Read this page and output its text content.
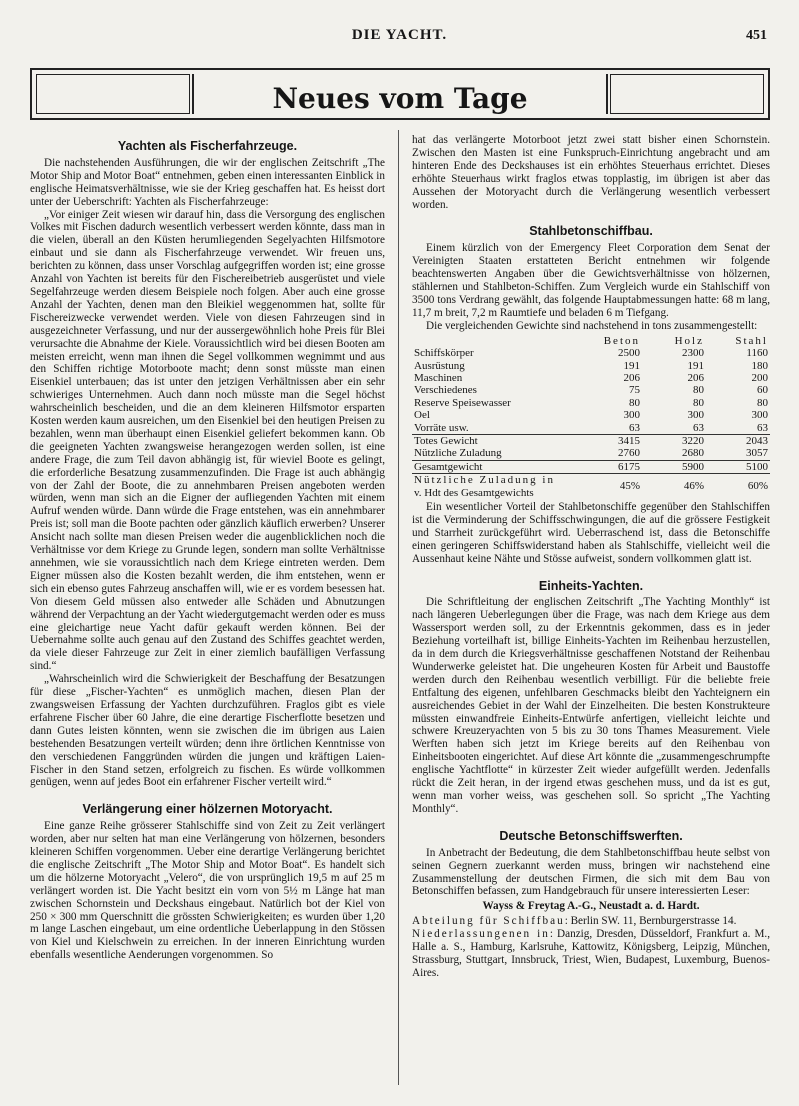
DIE YACHT.	451
Neues vom Tage
Yachten als Fischerfahrzeuge.

Die nachstehenden Ausführungen, die wir der englischen Zeitschrift „The Motor Ship and Motor Boat“ entnehmen, geben einen interessanten Einblick in englische Heimatsverhältnisse, wie sie der Krieg geschaffen hat. Es heisst dort unter der Ueberschrift: Yachten als Fischerfahrzeuge:

„Vor einiger Zeit wiesen wir darauf hin, dass die Versorgung des englischen Volkes mit Fischen dadurch wesentlich verbessert werden könnte, dass man in die vielen, überall an den Küsten herumliegenden Segelyachten Hilfsmotore einbaut und sie dann als Fischerfahrzeuge verwendet. Wir freuen uns, berichten zu können, dass unser Vorschlag aufgegriffen worden ist; eine grosse Anzahl von Yachten ist bereits für den Fischereibetrieb ausgerüstet und viele Segelfahrzeuge werden diesem Beispiele noch folgen. Aber auch eine grosse Anzahl der Yachten, denen man den Bleikiel weggenommen hat, sollte für Fischereizwecke verwendet werden. Viele von diesen Fahrzeugen sind in ausgezeichneter Verfassung, und nur der aussergewöhnlich hohe Preis für Blei verursachte die Abnahme der Kiele. Voraussichtlich wird bei diesen Booten am meisten erreicht, wenn man ihnen die Segel vollkommen wegnimmt und aus den Schiffen richtige Motorboote macht; denn sonst müsste man einen Eisenkiel unterbauen; das ist unter den jetzigen Verhältnissen aber ein sehr schwieriges Unternehmen. Auch dann noch müsste man die Segel höchst wahrscheinlich bescheiden, und die an dem kleineren Hilfsmotor ersparten Kosten werden kaum ausreichen, um den Eisenkiel bei den heutigen Preisen zu bezahlen, wenn man überhaupt einen Eisenkiel geliefert bekommen kann. Ob die geeigneten Yachten zwangsweise herangezogen werden sollen, ist eine andere Frage, die zum Teil davon abhängig ist, für wieviel Boote es gelingt, die erforderliche Besatzung zusammenzufinden. Die Frage ist auch abhängig von der Zahl der Boote, die zu annehmbaren Preisen angeboten werden würden, wenn man sich an die Eigner der aufliegenden Yachten mit einem Aufruf wenden würde. Dann würde die Frage entstehen, was ein annehmbarer Preis ist; soll man die Boote pachten oder gänzlich käuflich erwerben? Unserer Ansicht nach sollte man diesen Preisen weder die augenblicklichen noch die Verhältnisse vor dem Kriege zu Grunde legen, sondern man sollte Verhältnisse annehmen, wie sie voraussichtlich nach dem Kriege eintreten werden. Dem Eigner müssen also die Kosten bezahlt werden, die ihm entstehen, wenn er sich ein ebenso gutes Fahrzeug anschaffen will, wie er es vordem besessen hat. Von diesem Geld müssen also entweder alle Schäden und Abnutzungen während der Verpachtung an der Yacht wiedergutgemacht werden oder es muss eine gleichartige neue Yacht dafür gekauft werden können. Bei der Uebernahme sollte auch genau auf den Zustand des Schiffes geachtet werden, da viele dieser Fahrzeuge zur Zeit in einer ziemlich baufälligen Verfassung sind.“

„Wahrscheinlich wird die Schwierigkeit der Beschaffung der Besatzungen für diese „Fischer-Yachten“ es unmöglich machen, diesen Plan der zwangsweisen Erfassung der Yachten durchzuführen. Fraglos gibt es viele erfahrene Fischer über 60 Jahre, die eine derartige Fischerflotte besetzen und dann Gutes leisten könnten, wenn sie zwischen die im übrigen aus Laien bestehenden Besatzungen verteilt würden; denn ihre örtlichen Kenntnisse von den verschiedenen Fanggründen würden die jungen und kräftigen Laien-Fischer in den Stand setzen, erfolgreich zu fischen. Es würde vollkommen genügen, wenn auf jedes Boot ein erfahrener Fischer verteilt wird.“

Verlängerung einer hölzernen Motoryacht.

Eine ganze Reihe grösserer Stahlschiffe sind von Zeit zu Zeit verlängert worden, aber nur selten hat man eine Verlängerung von hölzernen, besonders kleineren Schiffen vorgenommen. Ueber eine derartige Verlängerung berichtet die englische Zeitschrift „The Motor Ship and Motor Boat“. Es handelt sich um die hölzerne Motoryacht „Velero“, die von ursprünglich 19,5 m auf 25 m verlängert worden ist. Die Yacht besitzt ein vorn von 5½ m Länge hat man zwischen Schornstein und Deckshaus eingebaut. Natürlich bot der Kiel von 250 × 300 mm Querschnitt die grössten Schwierigkeiten; es wurden über 1,20 m lange Laschen eingebaut, um eine ordentliche Ueberlappung in den Stössen von Kiel und Kielschwein zu erreichen. In der inneren Einrichtung wurden ebenfalls wesentliche Aenderungen vorgenommen. So

hat das verlängerte Motorboot jetzt zwei statt bisher einen Schornstein. Zwischen den Masten ist eine Funkspruch-Einrichtung angebracht und am hinteren Ende des Deckshauses ist ein erhöhtes Steuerhaus errichtet. Dieses erhöhte Steuerhaus wirkt fraglos etwas topplastig, im übrigen ist aber das Aussehen der Motoryacht durch die Verlängerung wesentlich verbessert worden.

Stahlbetonschiffbau.

Einem kürzlich von der Emergency Fleet Corporation dem Senat der Vereinigten Staaten erstatteten Bericht entnehmen wir folgende beachtenswerten Angaben über die Gewichtsverhältnisse von hölzernen, stählernen und Stahlbeton-Schiffen. Zum Vergleich wurde ein Stahlschiff von 3500 tons Verdrang gewählt, das folgende Hauptabmessungen hatte: 68 m lang, 11,7 m breit, 7,2 m Raumtiefe und beladen 6 m Tiefgang.

Die vergleichenden Gewichte sind nachstehend in tons zusammengestellt:

	Beton	Holz	Stahl
Schiffskörper	2500	2300	1160
Ausrüstung	191	191	180
Maschinen	206	206	200
Verschiedenes	75	80	60
Reserve Speisewasser	80	80	80
Oel	300	300	300
Vorräte usw.	63	63	63
Totes Gewicht	3415	3220	2043
Nützliche Zuladung	2760	2680	3057
Gesamtgewicht	6175	5900	5100
Nützliche Zuladung in
v. Hdt des Gesamtgewichts	45%	46%	60%

Ein wesentlicher Vorteil der Stahlbetonschiffe gegenüber den Stahlschiffen ist die Verminderung der Schiffsschwingungen, die auf die grössere Festigkeit und Starrheit zurückgeführt wird. Ueberraschend ist, dass die Betonschiffe einen geringeren Schiffswiderstand haben als Stahlschiffe, vielleicht weil die Aussenhaut keine Nähte und Stösse aufweist, sondern vollkommen glatt ist.

Einheits-Yachten.

Die Schriftleitung der englischen Zeitschrift „The Yachting Monthly“ ist nach längeren Ueberlegungen über die Frage, was nach dem Kriege aus dem Wassersport werden soll, zu der Erkenntnis gekommen, dass es in jeder Beziehung vorteilhaft ist, billige Einheits-Yachten im Reihenbau herzustellen, da in dem durch die Kriegsverhältnisse geschaffenen Notstand der Reihenbau Wunderwerke geleistet hat. Die ungeheuren Kosten für Arbeit und Baustoffe werden durch den Reihenbau wesentlich verbilligt. Für die beliebte freie Entfaltung des eigenen, unfehlbaren Geschmacks bleibt den Yachteignern ein ausreichendes Gebiet in der Wahl der Einzelheiten. Die besten Konstrukteure müssten einwandfreie Einheits-Entwürfe anfertigen, vielleicht leichte und schwere Kreuzeryachten von 5 bis zu 30 tons Thames Measurement. Viele Werften haben sich jetzt im Kriege bereits auf den Reihenbau von Einheitsbooten eingerichtet. Auf diese Art könnte die „zusammengeschrumpfte englische Yachtflotte“ in kürzester Zeit wieder aufgefüllt werden. Jedenfalls rückt die Zeit heran, in der irgend etwas geschehen muss, und da ist es gut, wenn man vorher weiss, was geschehen soll. So spricht „The Yachting Monthly“.

Deutsche Betonschiffswerften.

In Anbetracht der Bedeutung, die dem Stahlbetonschiffbau heute selbst von seinen Gegnern zuerkannt werden muss, bringen wir nachstehend eine Zusammenstellung der deutschen Firmen, die sich mit dem Bau von Betonschiffen befassen, zum Handgebrauch für unsere interessierten Leser:

Wayss & Freytag A.-G., Neustadt a. d. Hardt.

Abteilung für Schiffbau: Berlin SW. 11, Bernburgerstrasse 14.

Niederlassungenen in: Danzig, Dresden, Düsseldorf, Frankfurt a. M., Halle a. S., Hamburg, Karlsruhe, Kattowitz, Königsberg, Leipzig, München, Strassburg, Stuttgart, Innsbruck, Triest, Wien, Budapest, Luxemburg, Buenos-Aires.
